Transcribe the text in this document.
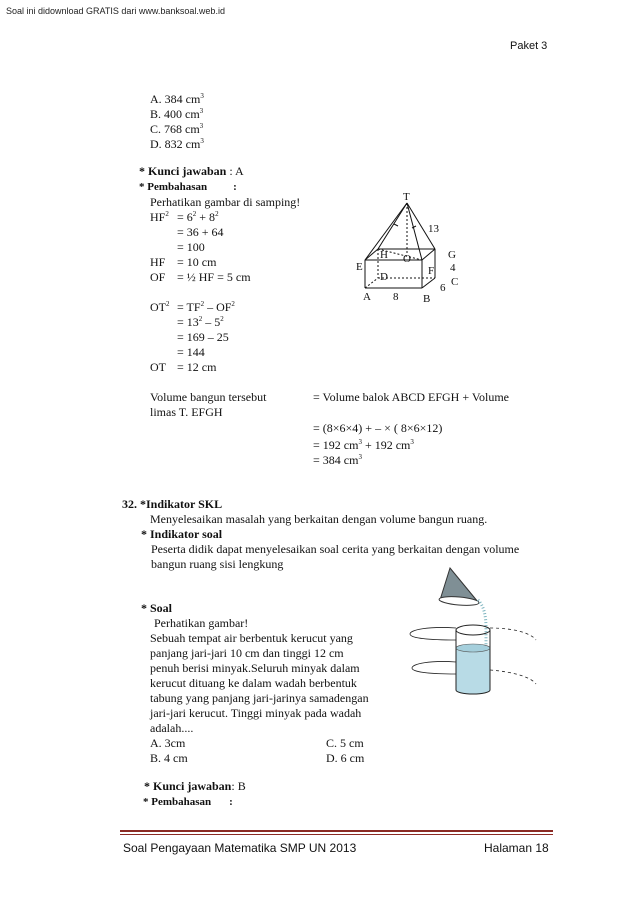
Soal ini didownload GRATIS dari www.banksoal.web.id
Paket 3
A. 384 $cm^3$
B. 400 $cm^3$
C. 768 $cm^3$
D. 832 $cm^3$
* Kunci jawaban : A
* Pembahasan :
Perhatikan gambar di samping!
$HF^2 = 6^2 + 8^2$
= 36 + 64
= 100
HF = 10 cm
OF = ½ HF = 5 cm
$OT^2 = TF^2 - OF^2$
= $13^2 - 5^2$
= 169 – 25
= 144
OT = 12 cm
Volume bangun tersebut	= Volume balok ABCD EFGH + Volume
limas T. EFGH
= (8×6×4) + – × ( 8×6×12)
= 192 $cm^3 + 192$ $cm^3$
= 384 $cm^3$
T
13
H O	G
E	F 4
D	C
6
A 8 B
32. *Indikator SKL
Menyelesaikan masalah yang berkaitan dengan volume bangun ruang.
* Indikator soal
Peserta didik dapat menyelesaikan soal cerita yang berkaitan dengan volume
bangun ruang sisi lengkung
* Soal
Perhatikan gambar!
Sebuah tempat air berbentuk kerucut yang
panjang jari-jari 10 cm dan tinggi 12 cm
penuh berisi minyak.Seluruh minyak dalam
kerucut dituang ke dalam wadah berbentuk
tabung yang panjang jari-jarinya samadengan
jari-jari kerucut. Tinggi minyak pada wadah
adalah....
A. 3cm	C. 5 cm
B. 4 cm	D. 6 cm
* Kunci jawaban: B
* Pembahasan :
Soal Pengayaan Matematika SMP UN 2013	Halaman 18
